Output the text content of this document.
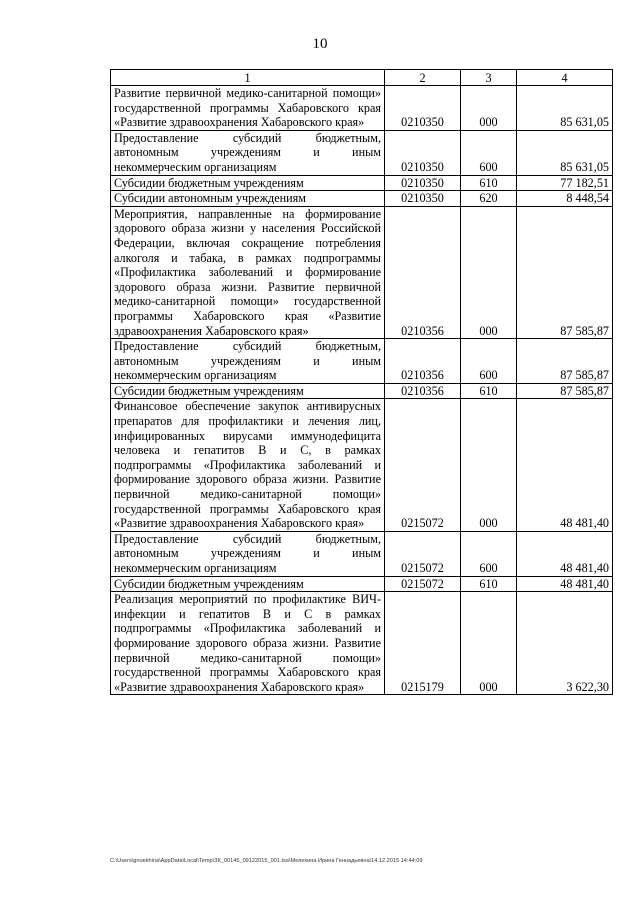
10
1	2	3	4
Развитие первичной медико-санитарной помощи» государственной программы Хабаровского края «Развитие здравоохранения Хабаровского края»	0210350	000	85 631,05
Предоставление субсидий бюджетным, автономным учреждениям и иным некоммерческим организациям	0210350	600	85 631,05
Субсидии бюджетным учреждениям	0210350	610	77 182,51
Субсидии автономным учреждениям	0210350	620	8 448,54
Мероприятия, направленные на формирование здорового образа жизни у населения Российской Федерации, включая сокращение потребления алкоголя и табака, в рамках подпрограммы «Профилактика заболеваний и формирование здорового образа жизни. Развитие первичной медико-санитарной помощи» государственной программы Хабаровского края «Развитие здравоохранения Хабаровского края»	0210356	000	87 585,87
Предоставление субсидий бюджетным, автономным учреждениям и иным некоммерческим организациям	0210356	600	87 585,87
Субсидии бюджетным учреждениям	0210356	610	87 585,87
Финансовое обеспечение закупок антивирусных препаратов для профилактики и лечения лиц, инфицированных вирусами иммунодефицита человека и гепатитов В и С, в рамках подпрограммы «Профилактика заболеваний и формирование здорового образа жизни. Развитие первичной медико-санитарной помощи» государственной программы Хабаровского края «Развитие здравоохранения Хабаровского края»	0215072	000	48 481,40
Предоставление субсидий бюджетным, автономным учреждениям и иным некоммерческим организациям	0215072	600	48 481,40
Субсидии бюджетным учреждениям	0215072	610	48 481,40
Реализация мероприятий по профилактике ВИЧ-инфекции и гепатитов В и С в рамках подпрограммы «Профилактика заболеваний и формирование здорового образа жизни. Развитие первичной медико-санитарной помощи» государственной программы Хабаровского края «Развитие здравоохранения Хабаровского края»	0215179	000	3 622,30
C:\Users\gnuekhina\AppData\Local\Temp\ЗК_00145_09122015_001.tsa\Мелехина Ирина Геннадьевна\14.12.2015 14:44:09
